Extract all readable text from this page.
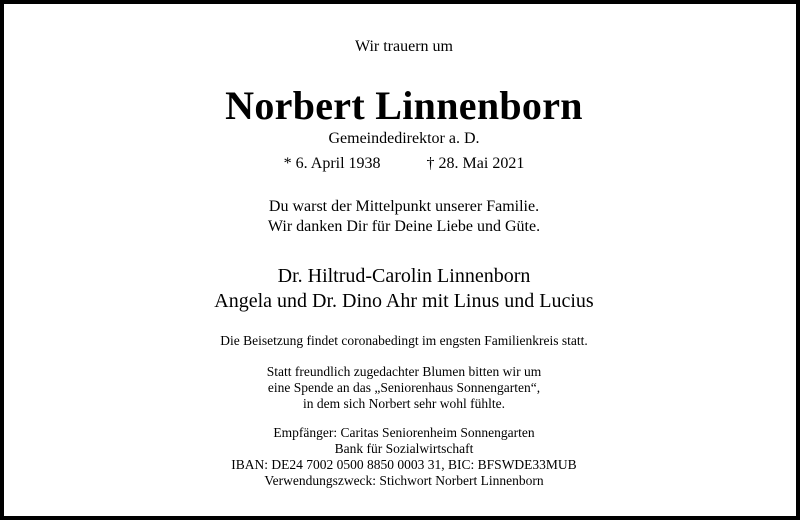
Wir trauern um
Norbert Linnenborn
Gemeindedirektor a. D.
* 6. April 1938	† 28. Mai 2021
Du warst der Mittelpunkt unserer Familie.
Wir danken Dir für Deine Liebe und Güte.
Dr. Hiltrud-Carolin Linnenborn
Angela und Dr. Dino Ahr mit Linus und Lucius
Die Beisetzung findet coronabedingt im engsten Familienkreis statt.
Statt freundlich zugedachter Blumen bitten wir um
eine Spende an das „Seniorenhaus Sonnengarten“,
in dem sich Norbert sehr wohl fühlte.
Empfänger: Caritas Seniorenheim Sonnengarten
Bank für Sozialwirtschaft
IBAN: DE24 7002 0500 8850 0003 31, BIC: BFSWDE33MUB
Verwendungszweck: Stichwort Norbert Linnenborn
